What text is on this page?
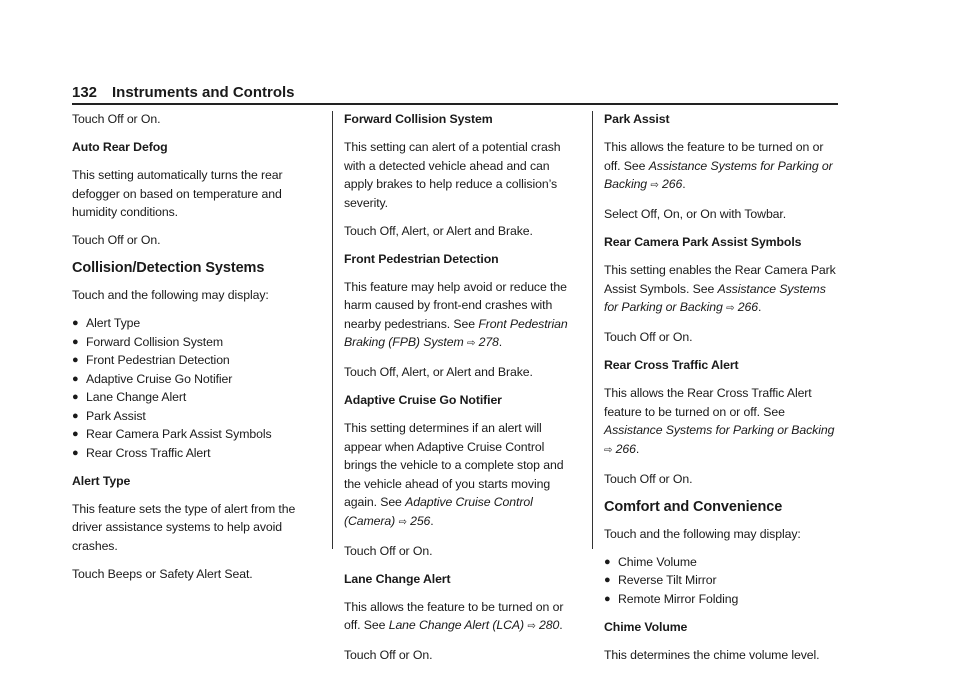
132 Instruments and Controls

Touch Off or On.

Auto Rear Defog

This setting automatically turns the rear defogger on based on temperature and humidity conditions.

Touch Off or On.

Collision/Detection Systems

Touch and the following may display:

● Alert Type
● Forward Collision System
● Front Pedestrian Detection
● Adaptive Cruise Go Notifier
● Lane Change Alert
● Park Assist
● Rear Camera Park Assist Symbols
● Rear Cross Traffic Alert

Alert Type

This feature sets the type of alert from the driver assistance systems to help avoid crashes.

Touch Beeps or Safety Alert Seat.

Forward Collision System

This setting can alert of a potential crash with a detected vehicle ahead and can apply brakes to help reduce a collision’s severity.

Touch Off, Alert, or Alert and Brake.

Front Pedestrian Detection

This feature may help avoid or reduce the harm caused by front-end crashes with nearby pedestrians. See Front Pedestrian Braking (FPB) System ⇨ 278.

Touch Off, Alert, or Alert and Brake.

Adaptive Cruise Go Notifier

This setting determines if an alert will appear when Adaptive Cruise Control brings the vehicle to a complete stop and the vehicle ahead of you starts moving again. See Adaptive Cruise Control (Camera) ⇨ 256.

Touch Off or On.

Lane Change Alert

This allows the feature to be turned on or off. See Lane Change Alert (LCA) ⇨ 280.

Touch Off or On.

Park Assist

This allows the feature to be turned on or off. See Assistance Systems for Parking or Backing ⇨ 266.

Select Off, On, or On with Towbar.

Rear Camera Park Assist Symbols

This setting enables the Rear Camera Park Assist Symbols. See Assistance Systems for Parking or Backing ⇨ 266.

Touch Off or On.

Rear Cross Traffic Alert

This allows the Rear Cross Traffic Alert feature to be turned on or off. See Assistance Systems for Parking or Backing ⇨ 266.

Touch Off or On.

Comfort and Convenience

Touch and the following may display:

● Chime Volume
● Reverse Tilt Mirror
● Remote Mirror Folding

Chime Volume

This determines the chime volume level.
